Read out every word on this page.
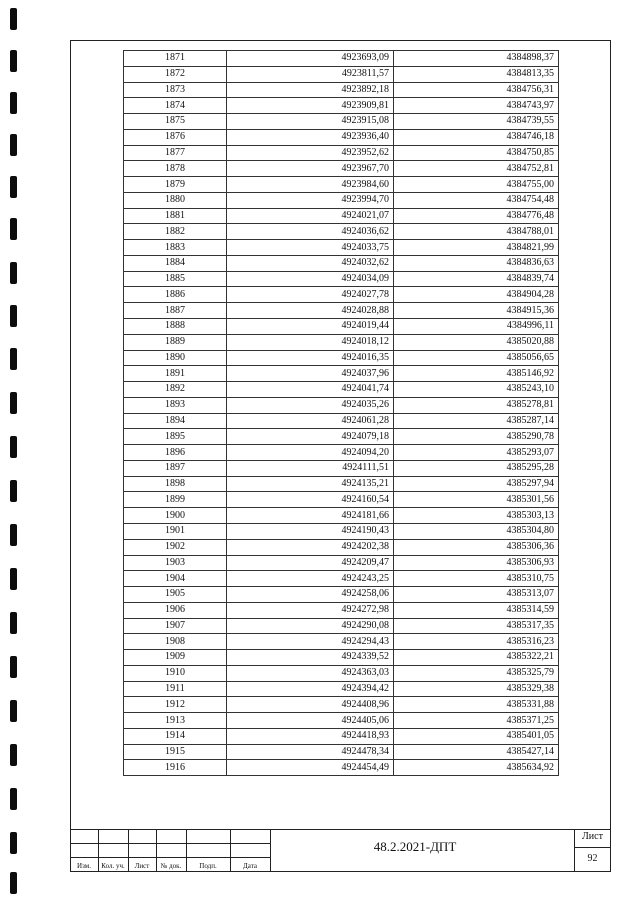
1871	4923693,09	4384898,37
1872	4923811,57	4384813,35
1873	4923892,18	4384756,31
1874	4923909,81	4384743,97
1875	4923915,08	4384739,55
1876	4923936,40	4384746,18
1877	4923952,62	4384750,85
1878	4923967,70	4384752,81
1879	4923984,60	4384755,00
1880	4923994,70	4384754,48
1881	4924021,07	4384776,48
1882	4924036,62	4384788,01
1883	4924033,75	4384821,99
1884	4924032,62	4384836,63
1885	4924034,09	4384839,74
1886	4924027,78	4384904,28
1887	4924028,88	4384915,36
1888	4924019,44	4384996,11
1889	4924018,12	4385020,88
1890	4924016,35	4385056,65
1891	4924037,96	4385146,92
1892	4924041,74	4385243,10
1893	4924035,26	4385278,81
1894	4924061,28	4385287,14
1895	4924079,18	4385290,78
1896	4924094,20	4385293,07
1897	4924111,51	4385295,28
1898	4924135,21	4385297,94
1899	4924160,54	4385301,56
1900	4924181,66	4385303,13
1901	4924190,43	4385304,80
1902	4924202,38	4385306,36
1903	4924209,47	4385306,93
1904	4924243,25	4385310,75
1905	4924258,06	4385313,07
1906	4924272,98	4385314,59
1907	4924290,08	4385317,35
1908	4924294,43	4385316,23
1909	4924339,52	4385322,21
1910	4924363,03	4385325,79
1911	4924394,42	4385329,38
1912	4924408,96	4385331,88
1913	4924405,06	4385371,25
1914	4924418,93	4385401,05
1915	4924478,34	4385427,14
1916	4924454,49	4385634,92
Изм.	Кол. уч.	Лист	№ док.	Подп.	Дата
48.2.2021-ДПТ
Лист
92
